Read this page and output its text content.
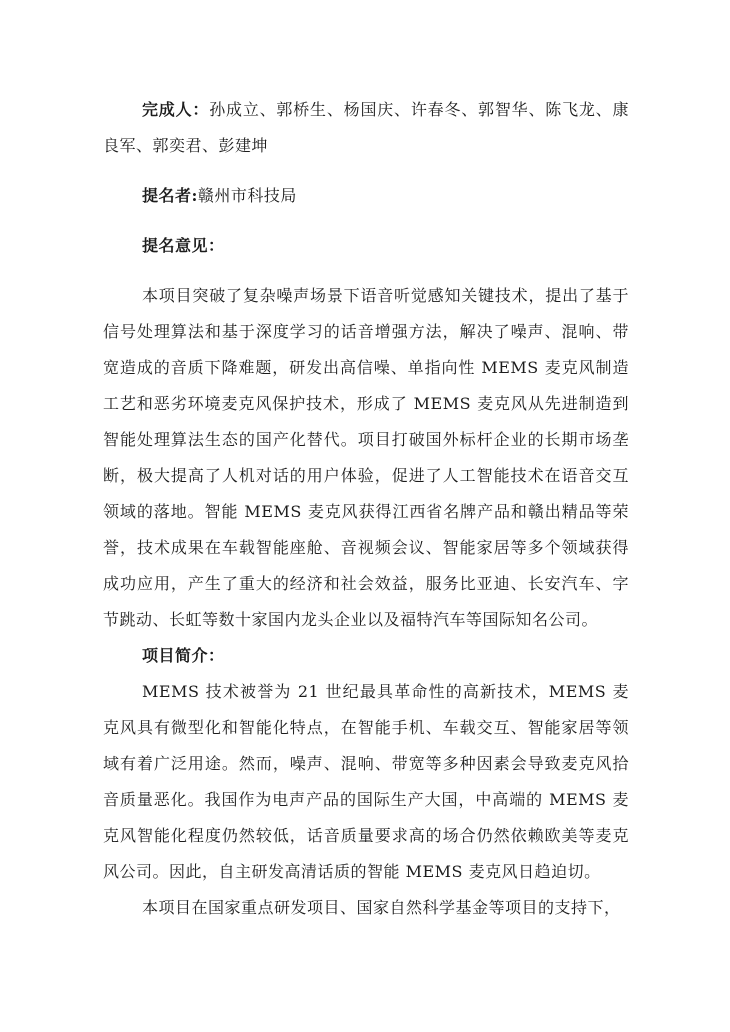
完成人：孙成立、郭桥生、杨国庆、许春冬、郭智华、陈飞龙、康良军、郭奕君、彭建坤

提名者:赣州市科技局

提名意见：

本项目突破了复杂噪声场景下语音听觉感知关键技术，提出了基于信号处理算法和基于深度学习的话音增强方法，解决了噪声、混响、带宽造成的音质下降难题，研发出高信噪、单指向性 MEMS 麦克风制造工艺和恶劣环境麦克风保护技术，形成了 MEMS 麦克风从先进制造到智能处理算法生态的国产化替代。项目打破国外标杆企业的长期市场垄断，极大提高了人机对话的用户体验，促进了人工智能技术在语音交互领域的落地。智能 MEMS 麦克风获得江西省名牌产品和赣出精品等荣誉，技术成果在车载智能座舱、音视频会议、智能家居等多个领域获得成功应用，产生了重大的经济和社会效益，服务比亚迪、长安汽车、字节跳动、长虹等数十家国内龙头企业以及福特汽车等国际知名公司。

项目简介：

MEMS 技术被誉为 21 世纪最具革命性的高新技术，MEMS 麦克风具有微型化和智能化特点，在智能手机、车载交互、智能家居等领域有着广泛用途。然而，噪声、混响、带宽等多种因素会导致麦克风拾音质量恶化。我国作为电声产品的国际生产大国，中高端的 MEMS 麦克风智能化程度仍然较低，话音质量要求高的场合仍然依赖欧美等麦克风公司。因此，自主研发高清话质的智能 MEMS 麦克风日趋迫切。

本项目在国家重点研发项目、国家自然科学基金等项目的支持下，
